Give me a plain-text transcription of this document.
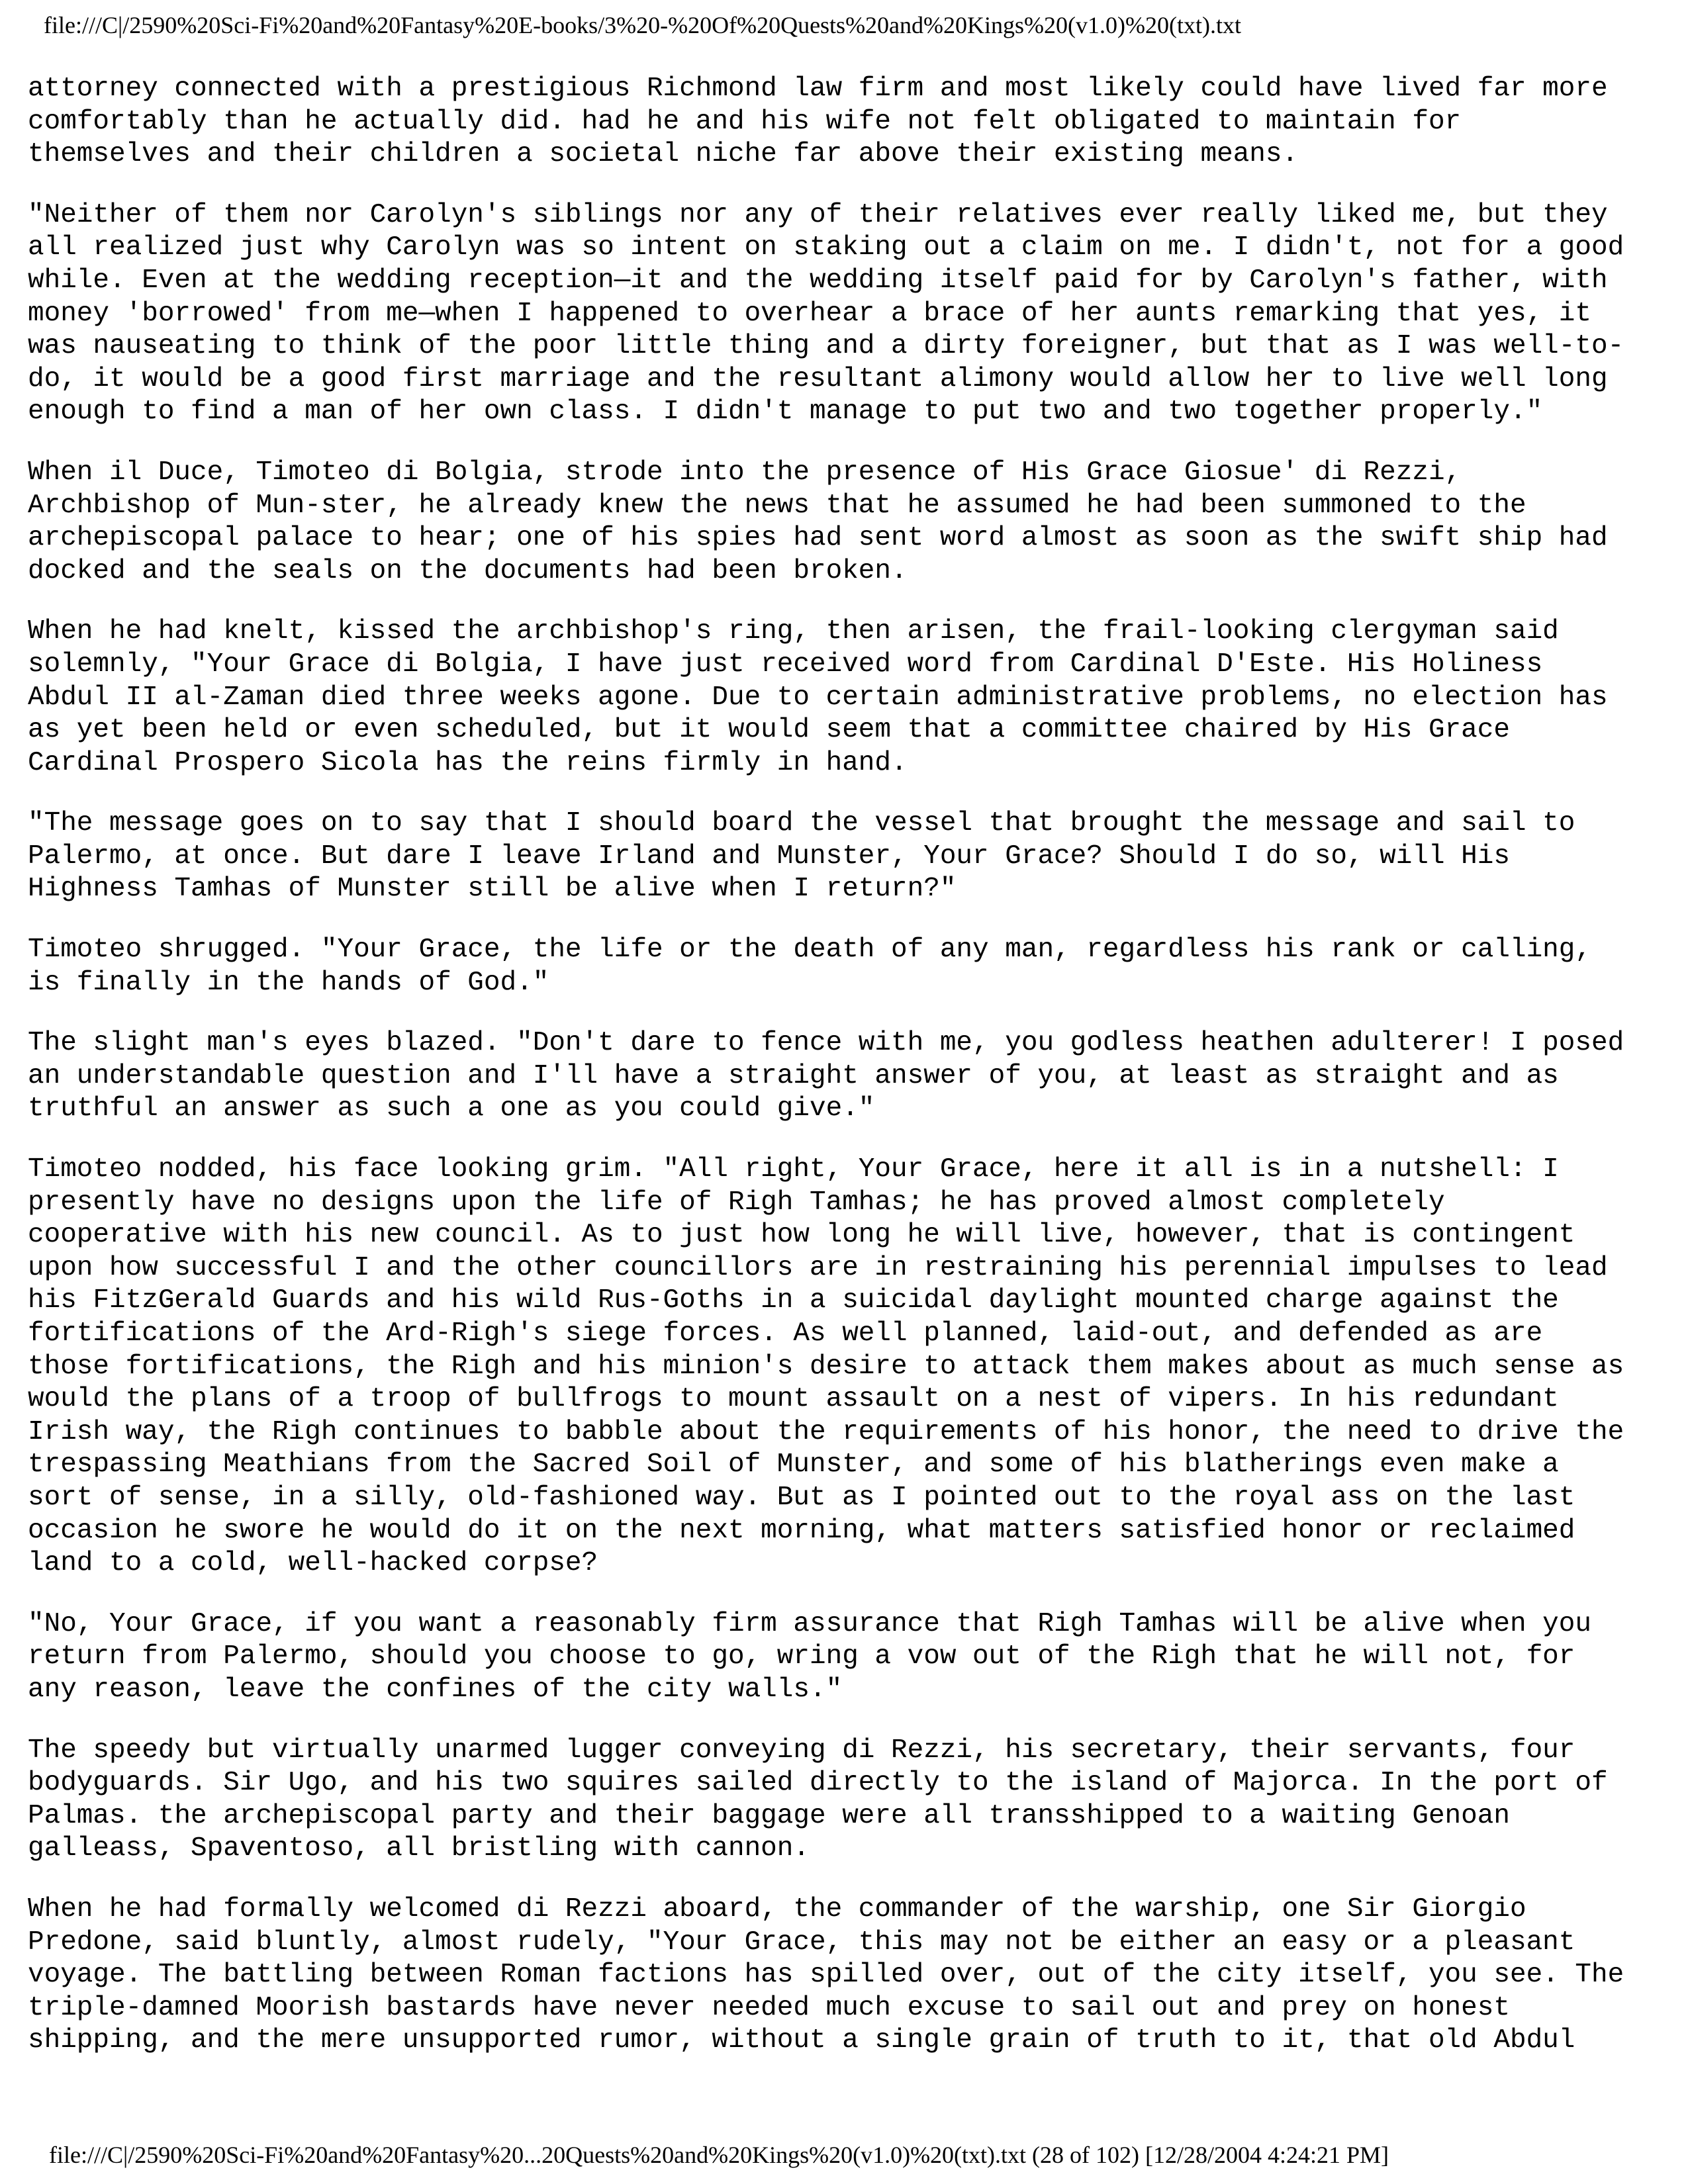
file:///C|/2590%20Sci-Fi%20and%20Fantasy%20E-books/3%20-%20Of%20Quests%20and%20Kings%20(v1.0)%20(txt).txt

attorney connected with a prestigious Richmond law firm and most likely could have lived far more
comfortably than he actually did. had he and his wife not felt obligated to maintain for
themselves and their children a societal niche far above their existing means.

"Neither of them nor Carolyn's siblings nor any of their relatives ever really liked me, but they
all realized just why Carolyn was so intent on staking out a claim on me. I didn't, not for a good
while. Even at the wedding reception—it and the wedding itself paid for by Carolyn's father, with
money 'borrowed' from me—when I happened to overhear a brace of her aunts remarking that yes, it
was nauseating to think of the poor little thing and a dirty foreigner, but that as I was well-to-
do, it would be a good first marriage and the resultant alimony would allow her to live well long
enough to find a man of her own class. I didn't manage to put two and two together properly."

When il Duce, Timoteo di Bolgia, strode into the presence of His Grace Giosue' di Rezzi,
Archbishop of Mun-ster, he already knew the news that he assumed he had been summoned to the
archepiscopal palace to hear; one of his spies had sent word almost as soon as the swift ship had
docked and the seals on the documents had been broken.

When he had knelt, kissed the archbishop's ring, then arisen, the frail-looking clergyman said
solemnly, "Your Grace di Bolgia, I have just received word from Cardinal D'Este. His Holiness
Abdul II al-Zaman died three weeks agone. Due to certain administrative problems, no election has
as yet been held or even scheduled, but it would seem that a committee chaired by His Grace
Cardinal Prospero Sicola has the reins firmly in hand.

"The message goes on to say that I should board the vessel that brought the message and sail to
Palermo, at once. But dare I leave Irland and Munster, Your Grace? Should I do so, will His
Highness Tamhas of Munster still be alive when I return?"

Timoteo shrugged. "Your Grace, the life or the death of any man, regardless his rank or calling,
is finally in the hands of God."

The slight man's eyes blazed. "Don't dare to fence with me, you godless heathen adulterer! I posed
an understandable question and I'll have a straight answer of you, at least as straight and as
truthful an answer as such a one as you could give."

Timoteo nodded, his face looking grim. "All right, Your Grace, here it all is in a nutshell: I
presently have no designs upon the life of Righ Tamhas; he has proved almost completely
cooperative with his new council. As to just how long he will live, however, that is contingent
upon how successful I and the other councillors are in restraining his perennial impulses to lead
his FitzGerald Guards and his wild Rus-Goths in a suicidal daylight mounted charge against the
fortifications of the Ard-Righ's siege forces. As well planned, laid-out, and defended as are
those fortifications, the Righ and his minion's desire to attack them makes about as much sense as
would the plans of a troop of bullfrogs to mount assault on a nest of vipers. In his redundant
Irish way, the Righ continues to babble about the requirements of his honor, the need to drive the
trespassing Meathians from the Sacred Soil of Munster, and some of his blatherings even make a
sort of sense, in a silly, old-fashioned way. But as I pointed out to the royal ass on the last
occasion he swore he would do it on the next morning, what matters satisfied honor or reclaimed
land to a cold, well-hacked corpse?

"No, Your Grace, if you want a reasonably firm assurance that Righ Tamhas will be alive when you
return from Palermo, should you choose to go, wring a vow out of the Righ that he will not, for
any reason, leave the confines of the city walls."

The speedy but virtually unarmed lugger conveying di Rezzi, his secretary, their servants, four
bodyguards. Sir Ugo, and his two squires sailed directly to the island of Majorca. In the port of
Palmas. the archepiscopal party and their baggage were all transshipped to a waiting Genoan
galleass, Spaventoso, all bristling with cannon.

When he had formally welcomed di Rezzi aboard, the commander of the warship, one Sir Giorgio
Predone, said bluntly, almost rudely, "Your Grace, this may not be either an easy or a pleasant
voyage. The battling between Roman factions has spilled over, out of the city itself, you see. The
triple-damned Moorish bastards have never needed much excuse to sail out and prey on honest
shipping, and the mere unsupported rumor, without a single grain of truth to it, that old Abdul

file:///C|/2590%20Sci-Fi%20and%20Fantasy%20...20Quests%20and%20Kings%20(v1.0)%20(txt).txt (28 of 102) [12/28/2004 4:24:21 PM]
